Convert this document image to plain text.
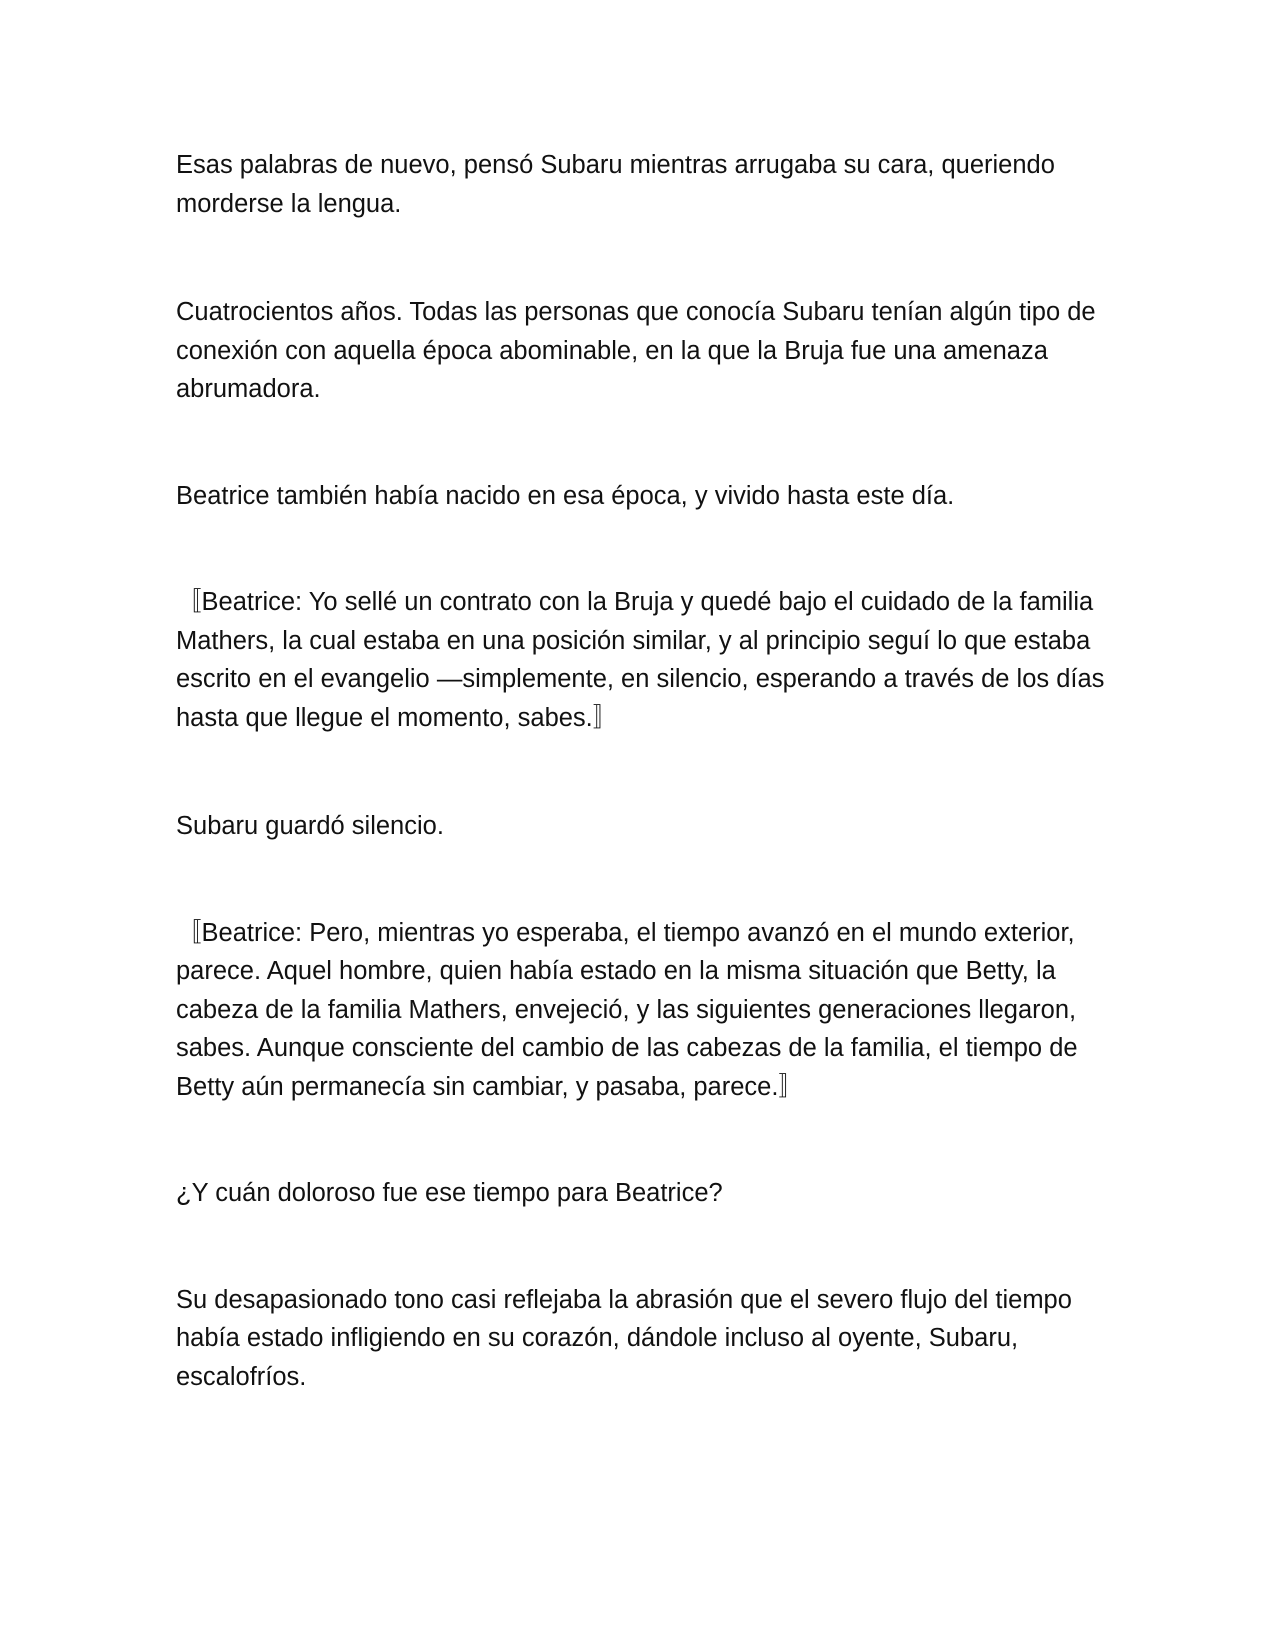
Esas palabras de nuevo, pensó Subaru mientras arrugaba su cara, queriendo morderse la lengua.

Cuatrocientos años. Todas las personas que conocía Subaru tenían algún tipo de conexión con aquella época abominable, en la que la Bruja fue una amenaza abrumadora.

Beatrice también había nacido en esa época, y vivido hasta este día.

〚Beatrice: Yo sellé un contrato con la Bruja y quedé bajo el cuidado de la familia Mathers, la cual estaba en una posición similar, y al principio seguí lo que estaba escrito en el evangelio —simplemente, en silencio, esperando a través de los días hasta que llegue el momento, sabes.〛

Subaru guardó silencio.

〚Beatrice: Pero, mientras yo esperaba, el tiempo avanzó en el mundo exterior, parece. Aquel hombre, quien había estado en la misma situación que Betty, la cabeza de la familia Mathers, envejeció, y las siguientes generaciones llegaron, sabes. Aunque consciente del cambio de las cabezas de la familia, el tiempo de Betty aún permanecía sin cambiar, y pasaba, parece.〛

¿Y cuán doloroso fue ese tiempo para Beatrice?

Su desapasionado tono casi reflejaba la abrasión que el severo flujo del tiempo había estado infligiendo en su corazón, dándole incluso al oyente, Subaru, escalofríos.
